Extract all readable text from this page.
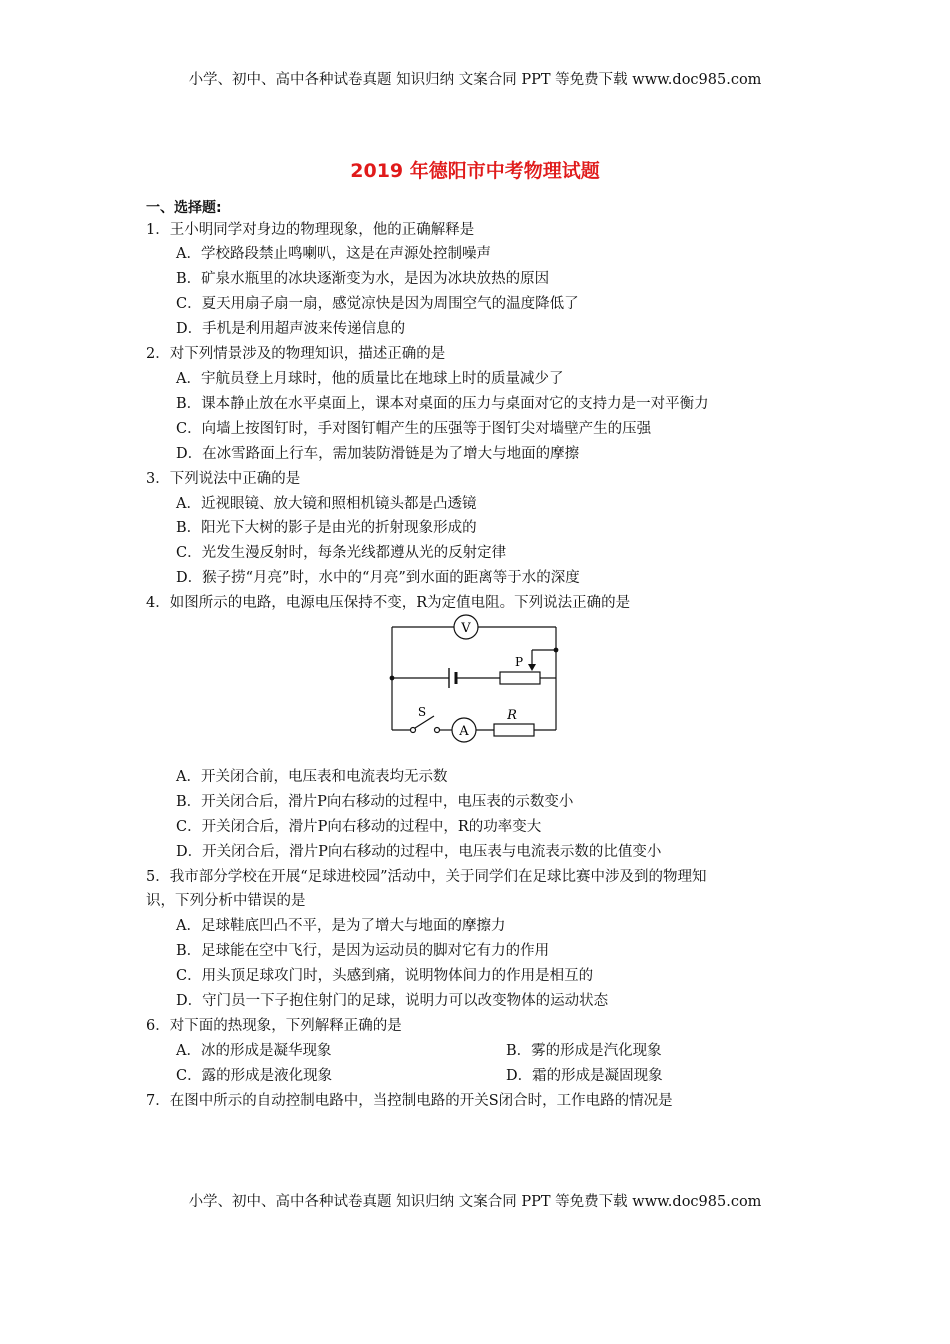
小学、初中、高中各种试卷真题 知识归纳 文案合同 PPT 等免费下载 www.doc985.com
2019 年德阳市中考物理试题
一、选择题:
1．王小明同学对身边的物理现象，他的正确解释是
A．学校路段禁止鸣喇叭，这是在声源处控制噪声
B．矿泉水瓶里的冰块逐渐变为水，是因为冰块放热的原因
C．夏天用扇子扇一扇，感觉凉快是因为周围空气的温度降低了
D．手机是利用超声波来传递信息的
2．对下列情景涉及的物理知识，描述正确的是
A．宇航员登上月球时，他的质量比在地球上时的质量减少了
B．课本静止放在水平桌面上，课本对桌面的压力与桌面对它的支持力是一对平衡力
C．向墙上按图钉时，手对图钉帽产生的压强等于图钉尖对墙壁产生的压强
D．在冰雪路面上行车，需加装防滑链是为了增大与地面的摩擦
3．下列说法中正确的是
A．近视眼镜、放大镜和照相机镜头都是凸透镜
B．阳光下大树的影子是由光的折射现象形成的
C．光发生漫反射时，每条光线都遵从光的反射定律
D．猴子捞“月亮”时，水中的“月亮”到水面的距离等于水的深度
4．如图所示的电路，电源电压保持不变，R为定值电阻。下列说法正确的是
V
A
P
S	R
A．开关闭合前，电压表和电流表均无示数
B．开关闭合后，滑片P向右移动的过程中，电压表的示数变小
C．开关闭合后，滑片P向右移动的过程中，R的功率变大
D．开关闭合后，滑片P向右移动的过程中，电压表与电流表示数的比值变小
5．我市部分学校在开展“足球进校园”活动中，关于同学们在足球比赛中涉及到的物理知
识，下列分析中错误的是
A．足球鞋底凹凸不平，是为了增大与地面的摩擦力
B．足球能在空中飞行，是因为运动员的脚对它有力的作用
C．用头顶足球攻门时，头感到痛，说明物体间力的作用是相互的
D．守门员一下子抱住射门的足球，说明力可以改变物体的运动状态
6．对下面的热现象，下列解释正确的是
A．冰的形成是凝华现象	B．雾的形成是汽化现象
C．露的形成是液化现象	D．霜的形成是凝固现象
7．在图中所示的自动控制电路中，当控制电路的开关S闭合时，工作电路的情况是
小学、初中、高中各种试卷真题 知识归纳 文案合同 PPT 等免费下载 www.doc985.com
